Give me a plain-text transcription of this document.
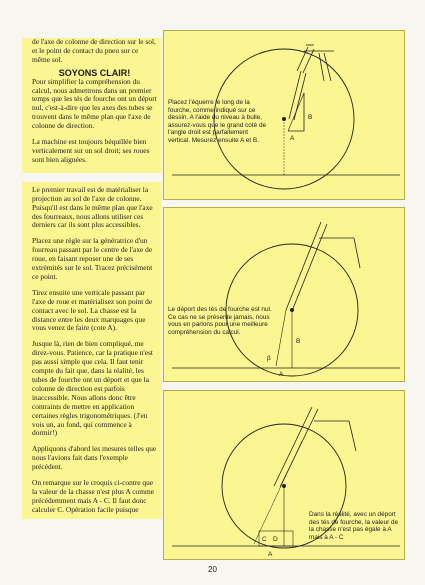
de l'axe de colonne de direction sur le sol, et le point de contact du pneu sur ce même sol.

SOYONS CLAIR!

Pour simplifier la compréhension du calcul, nous admettrons dans un premier temps que les tés de fourche ont un déport nul, c'est-à-dire que les axes des tubes se trouvent dans le même plan que l'axe de colonne de direction.

La machine est toujours béquillée bien verticalement sur un sol droit; ses roues sont bien alignées.

Le premier travail est de matérialiser la projection au sol de l'axe de colonne. Puisqu'il est dans le même plan que l'axe des fourreaux, nous allons utiliser ces derniers car ils sont plus accessibles.

Placez une règle sur la génératrice d'un fourreau passant par le centre de l'axe de roue, en faisant reposer une de ses extrémités sur le sol. Tracez précisément ce point.

Tirez ensuite une verticale passant par l'axe de roue et matérialisez son point de contact avec le sol. La chasse est la distance entre les deux marquages que vous venez de faire (cote A).

Jusque là, rien de bien compliqué, me direz-vous. Patience, car la pratique n'est pas aussi simple que cela. Il faut tenir compte du fait que, dans la réalité, les tubes de fourche ont un déport et que la colonne de direction est parfois inaccessible. Nous allons donc être contraints de mettre en application certaines règles trigonométriques. (J'en vois un, au fond, qui commence à dormir!)

Appliquons d'abord les mesures telles que nous l'avions fait dans l'exemple précédent.

On remarque sur le croquis ci-contre que la valeur de la chasse n'est plus A comme précédemment mais A - C. Il faut donc calculer C. Opération facile puisque

B
A
Placez l'équerre le long de la fourche, comme indiqué sur ce dessin. A l'aide du niveau à bulle, assurez-vous que le grand coté de l'angle droit est parfaitement vertical. Mesurez ensuite A et B.
A
B
β
Le déport des tés de fourche est nul. Ce cas ne se présente jamais, nous vous en parlons pour une meilleure compréhension du calcul.
C D
A
Dans la réalité, avec un déport des tés de fourche, la valeur de la chasse n'est pas égale à A mais à A - C
20
